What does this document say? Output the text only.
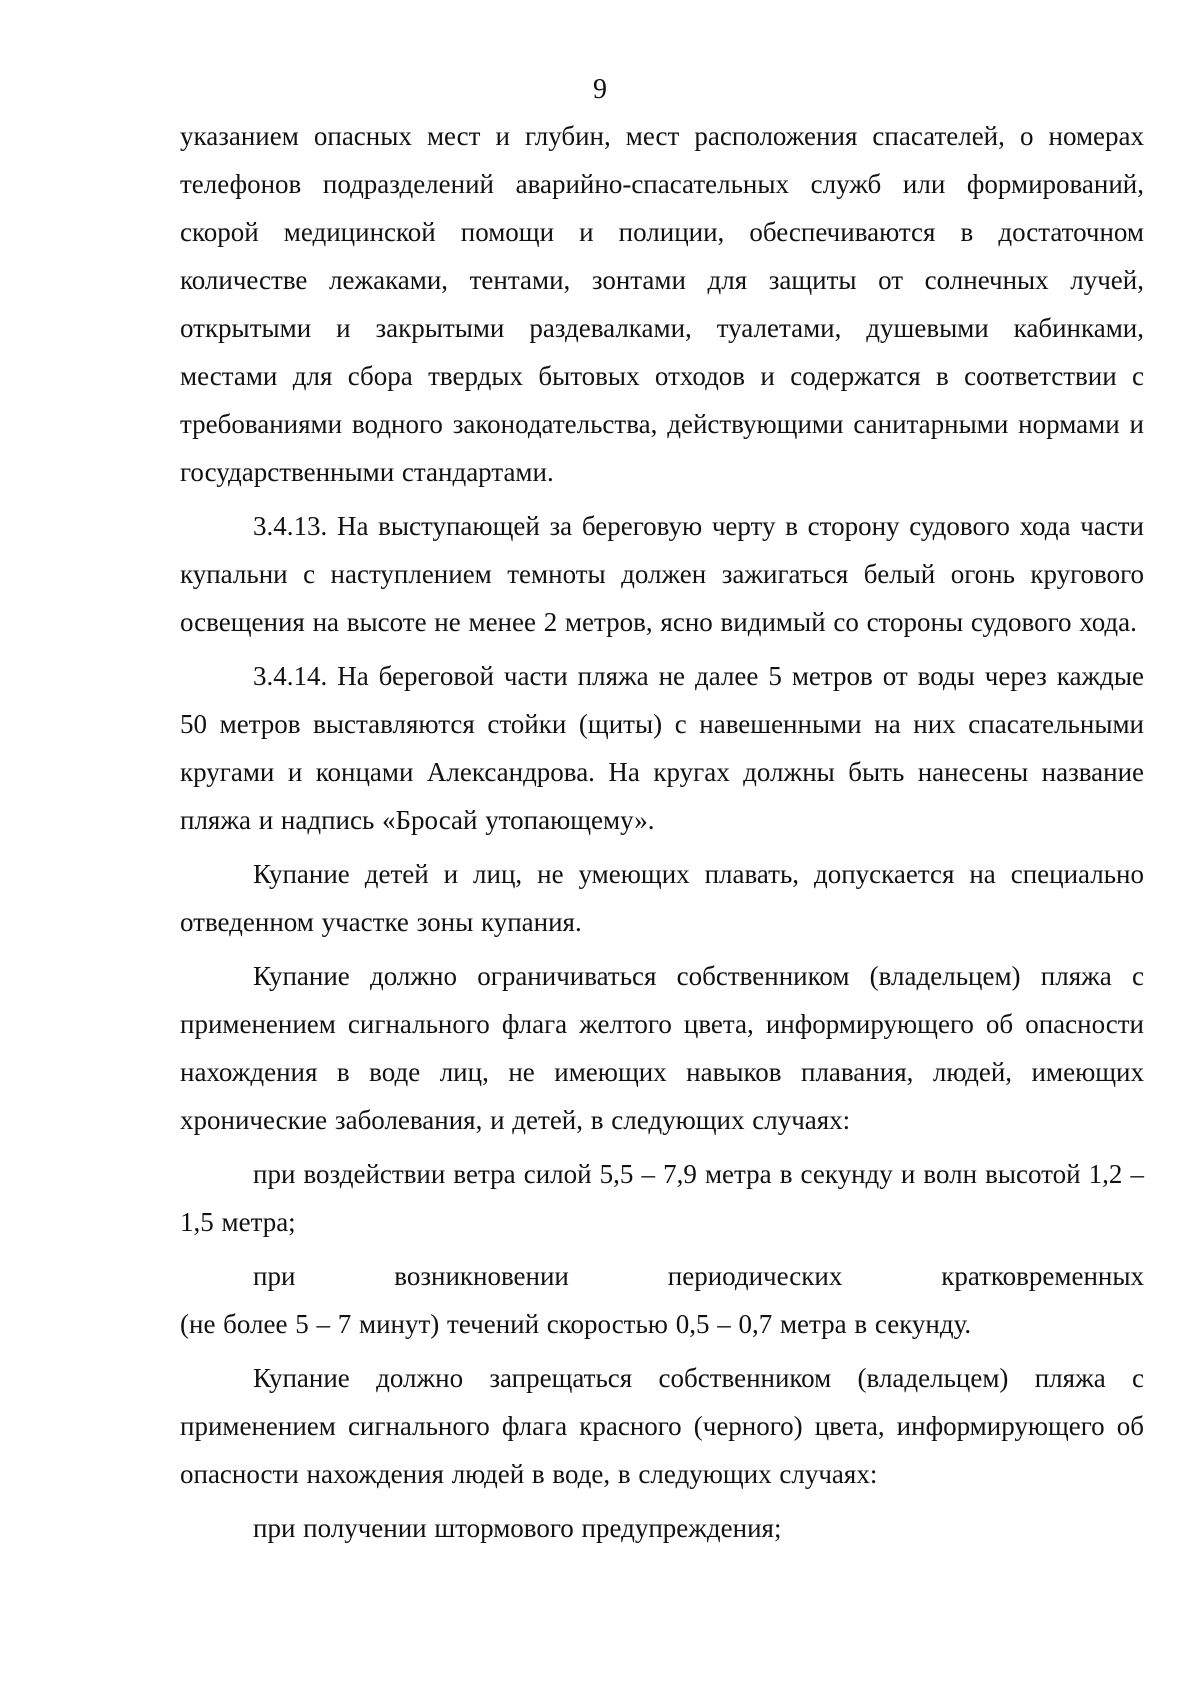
9

указанием опасных мест и глубин, мест расположения спасателей, о номерах телефонов подразделений аварийно-спасательных служб или формирований, скорой медицинской помощи и полиции, обеспечиваются в достаточном количестве лежаками, тентами, зонтами для защиты от солнечных лучей, открытыми и закрытыми раздевалками, туалетами, душевыми кабинками, местами для сбора твердых бытовых отходов и содержатся в соответствии с требованиями водного законодательства, действующими санитарными нормами и государственными стандартами.

3.4.13. На выступающей за береговую черту в сторону судового хода части купальни с наступлением темноты должен зажигаться белый огонь кругового освещения на высоте не менее 2 метров, ясно видимый со стороны судового хода.

3.4.14. На береговой части пляжа не далее 5 метров от воды через каждые 50 метров выставляются стойки (щиты) с навешенными на них спасательными кругами и концами Александрова. На кругах должны быть нанесены название пляжа и надпись «Бросай утопающему».

Купание детей и лиц, не умеющих плавать, допускается на специально отведенном участке зоны купания.

Купание должно ограничиваться собственником (владельцем) пляжа с применением сигнального флага желтого цвета, информирующего об опасности нахождения в воде лиц, не имеющих навыков плавания, людей, имеющих хронические заболевания, и детей, в следующих случаях:

при воздействии ветра силой 5,5 – 7,9 метра в секунду и волн высотой 1,2 – 1,5 метра;

при возникновении периодических кратковременных

(не более 5 – 7 минут) течений скоростью 0,5 – 0,7 метра в секунду.

Купание должно запрещаться собственником (владельцем) пляжа с применением сигнального флага красного (черного) цвета, информирующего об опасности нахождения людей в воде, в следующих случаях:

при получении штормового предупреждения;
